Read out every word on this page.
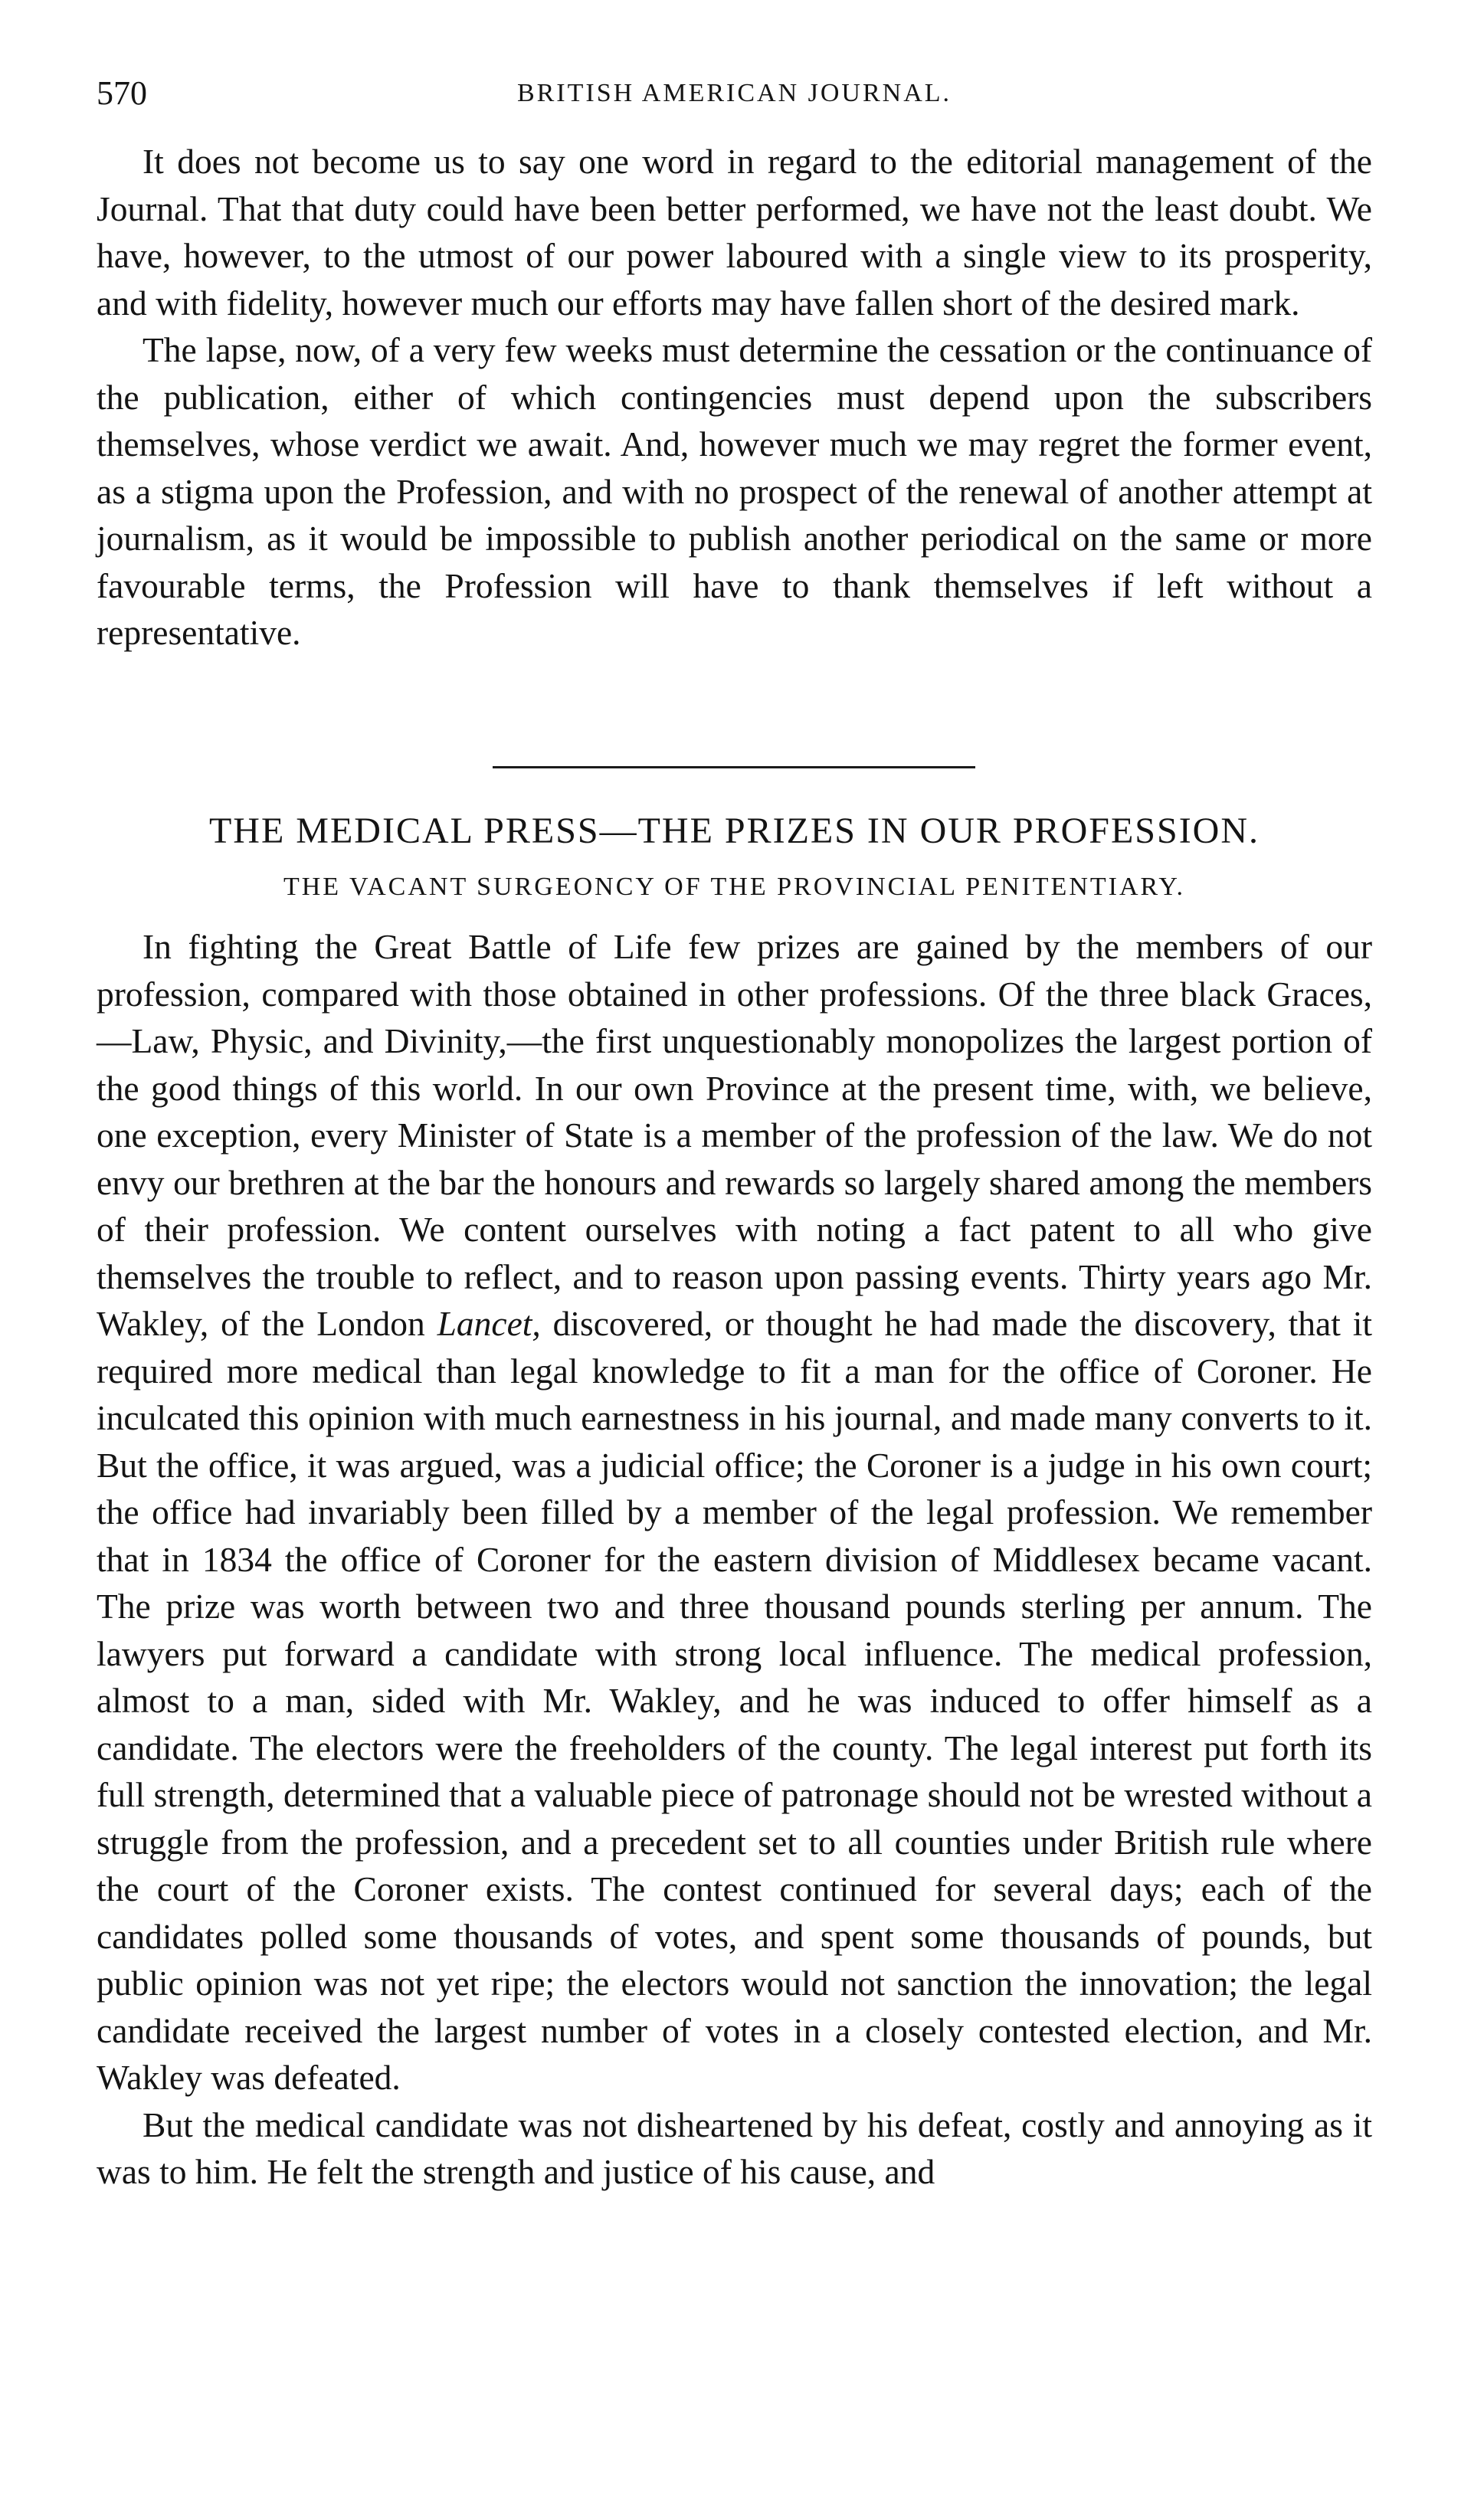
570	BRITISH AMERICAN JOURNAL.

It does not become us to say one word in regard to the editorial management of the Journal. That that duty could have been better performed, we have not the least doubt. We have, however, to the utmost of our power laboured with a single view to its prosperity, and with fidelity, however much our efforts may have fallen short of the desired mark.

The lapse, now, of a very few weeks must determine the cessation or the continuance of the publication, either of which contingencies must depend upon the subscribers themselves, whose verdict we await. And, however much we may regret the former event, as a stigma upon the Profession, and with no prospect of the renewal of another attempt at journalism, as it would be impossible to publish another periodical on the same or more favourable terms, the Profession will have to thank themselves if left without a representative.

THE MEDICAL PRESS—THE PRIZES IN OUR PROFESSION.
THE VACANT SURGEONCY OF THE PROVINCIAL PENITENTIARY.

In fighting the Great Battle of Life few prizes are gained by the members of our profession, compared with those obtained in other professions. Of the three black Graces,—Law, Physic, and Divinity,—the first unquestionably monopolizes the largest portion of the good things of this world. In our own Province at the present time, with, we believe, one exception, every Minister of State is a member of the profession of the law. We do not envy our brethren at the bar the honours and rewards so largely shared among the members of their profession. We content ourselves with noting a fact patent to all who give themselves the trouble to reflect, and to reason upon passing events. Thirty years ago Mr. Wakley, of the London Lancet, discovered, or thought he had made the discovery, that it required more medical than legal knowledge to fit a man for the office of Coroner. He inculcated this opinion with much earnestness in his journal, and made many converts to it. But the office, it was argued, was a judicial office; the Coroner is a judge in his own court; the office had invariably been filled by a member of the legal profession. We remember that in 1834 the office of Coroner for the eastern division of Middlesex became vacant. The prize was worth between two and three thousand pounds sterling per annum. The lawyers put forward a candidate with strong local influence. The medical profession, almost to a man, sided with Mr. Wakley, and he was induced to offer himself as a candidate. The electors were the freeholders of the county. The legal interest put forth its full strength, determined that a valuable piece of patronage should not be wrested without a struggle from the profession, and a precedent set to all counties under British rule where the court of the Coroner exists. The contest continued for several days; each of the candidates polled some thousands of votes, and spent some thousands of pounds, but public opinion was not yet ripe; the electors would not sanction the innovation; the legal candidate received the largest number of votes in a closely contested election, and Mr. Wakley was defeated.

But the medical candidate was not disheartened by his defeat, costly and annoying as it was to him. He felt the strength and justice of his cause, and
